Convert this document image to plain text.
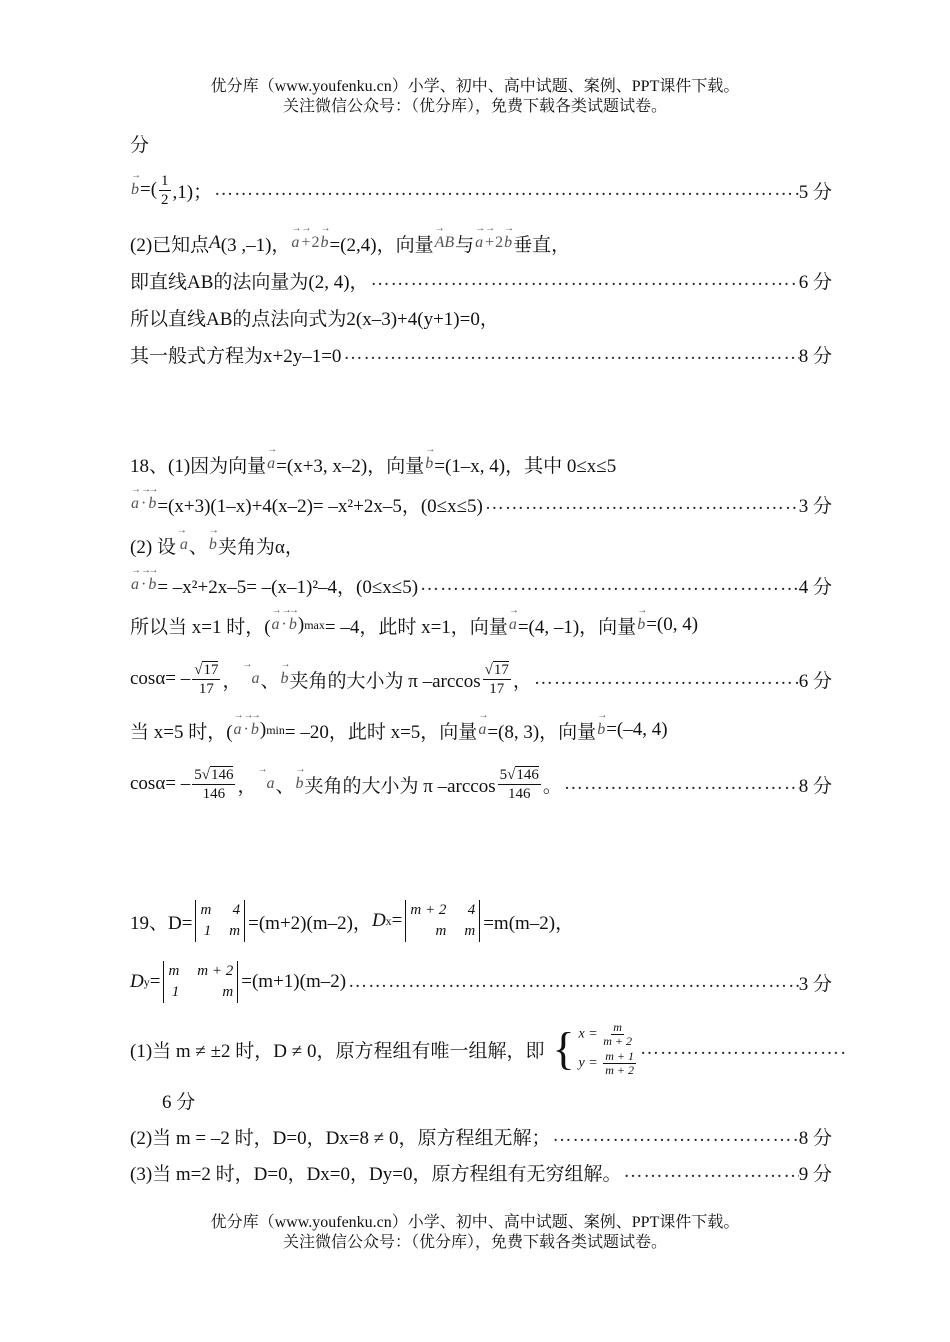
优分库（www.youfenku.cn）小学、初中、高中试题、案例、PPT课件下载。
关注微信公众号：（优分库），免费下载各类试题试卷。
分
→ b =( $\frac{1}{2} ,1$)； …………………………………………………………………………………………………………………………………………………………	5 分
(2)已知点 A (3 ,–1)， → a → + 2 → b =(2,4)，向量 → AB 与 → a → + 2 → b 垂直，
即直线AB的法向量为(2, 4)， …………………………………………………………………………………………………………………………………………………………	6 分
所以直线AB的点法向式为2(x–3)+4(y+1)=0，
其一般式方程为x+2y–1=0 …………………………………………………………………………………………………………………………………………………………	8 分
18、(1)因为向量 → a =(x+3, x–2)，向量 → b =(1–x, 4)，其中 0≤x≤5
→ a → · → b =(x+3)(1–x)+4(x–2)= –x²+2x–5，(0≤x≤5) …………………………………………………………………………………………………………………………………………………………	3 分
(2) 设 → a 、 → b 夹角为α，
→ a → · → b = –x²+2x–5= –(x–1)²–4，(0≤x≤5) …………………………………………………………………………………………………………………………………………………………	4 分
所以当 x=1 时，( → a → · → b ) max = –4，此时 x=1，向量 → a =(4, –1)，向量 → b =(0, 4)
$\cos\alpha= - \frac{√17}{17}$ ， → a 、 → b 夹角的大小为 π $-\arccos \frac{√17}{17}$ ， …………………………………………………………………………………………………………………………………………………………	6 分
当 x=5 时，( → a → · → b ) min = –20，此时 x=5，向量 → a =(8, 3)，向量 → b =(–4, 4)
$\cos\alpha= - \frac{5√146}{146}$ ， → a 、 → b 夹角的大小为 π $-\arccos \frac{5√146}{146}$ 。 …………………………………………………………………………………………………………………………………………………………	8 分
19、D=
m 4
1 m =(m+2)(m–2)， D x = m + 2 4
m m =m(m–2)，
D y = m m + 2
1	m =(m+1)(m–2) …………………………………………………………………………………………………………………………………………………………	3 分
(1)当 m ≠ ±2 时，D ≠ 0，原方程组有唯一组解，即 { $x = \frac{m}{m + 2}$
$y = \frac{m + 1}{m + 2}$
…………………………………………………………………………………………………………………………………………………………
6 分
(2)当 m = –2 时，D=0，Dx=8 ≠ 0，原方程组无解； …………………………………………………………………………………………………………………………………………………………	8 分
(3)当 m=2 时，D=0，Dx=0，Dy=0，原方程组有无穷组解。 …………………………………………………………………………………………………………………………………………………………	9 分
优分库（www.youfenku.cn）小学、初中、高中试题、案例、PPT课件下载。
关注微信公众号：（优分库），免费下载各类试题试卷。
